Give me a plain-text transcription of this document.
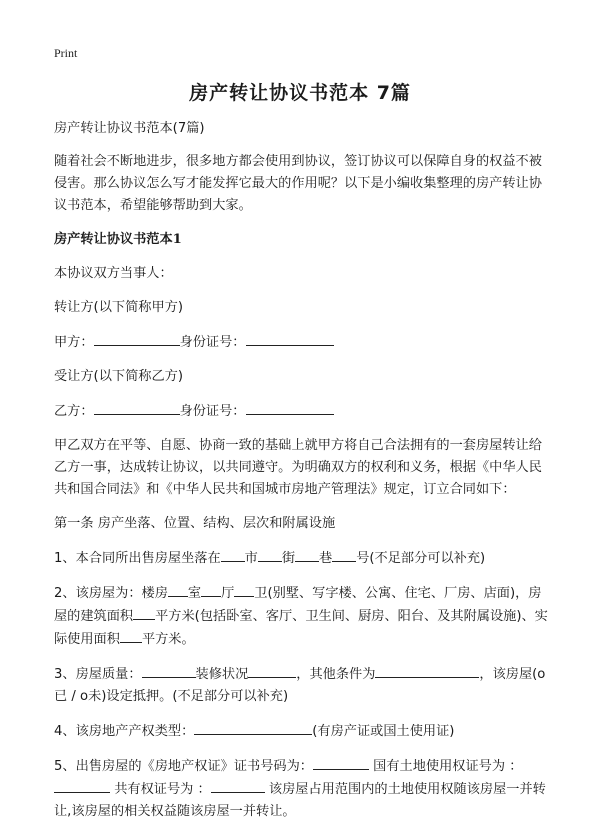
Print
房产转让协议书范本 7篇

房产转让协议书范本(7篇)

随着社会不断地进步，很多地方都会使用到协议，签订协议可以保障自身的权益不被侵害。那么协议怎么写才能发挥它最大的作用呢？以下是小编收集整理的房产转让协议书范本，希望能够帮助到大家。

房产转让协议书范本1

本协议双方当事人：

转让方(以下简称甲方)

甲方：	身份证号：

受让方(以下简称乙方)

乙方：	身份证号：

甲乙双方在平等、自愿、协商一致的基础上就甲方将自己合法拥有的一套房屋转让给乙方一事，达成转让协议，以共同遵守。为明确双方的权利和义务，根据《中华人民共和国合同法》和《中华人民共和国城市房地产管理法》规定，订立合同如下：

第一条 房产坐落、位置、结构、层次和附属设施

1、本合同所出售房屋坐落在 市 街 巷 号(不足部分可以补充)

2、该房屋为：楼房 室 厅 卫(别墅、写字楼、公寓、住宅、厂房、店面)，房屋的建筑面积 平方米(包括卧室、客厅、卫生间、厨房、阳台、及其附属设施)、实际使用面积 平方米。

3、房屋质量：	装修状况	，其他条件为	，该房屋(o已 / o未)设定抵押。(不足部分可以补充)

4、该房地产产权类型：	(有房产证或国土使用证)

5、出售房屋的《房地产权证》证书号码为：	国有土地使用权证号为 ： 共有权证号为 ：	该房屋占用范围内的土地使用权随该房屋一并转让,该房屋的相关权益随该房屋一并转让。
